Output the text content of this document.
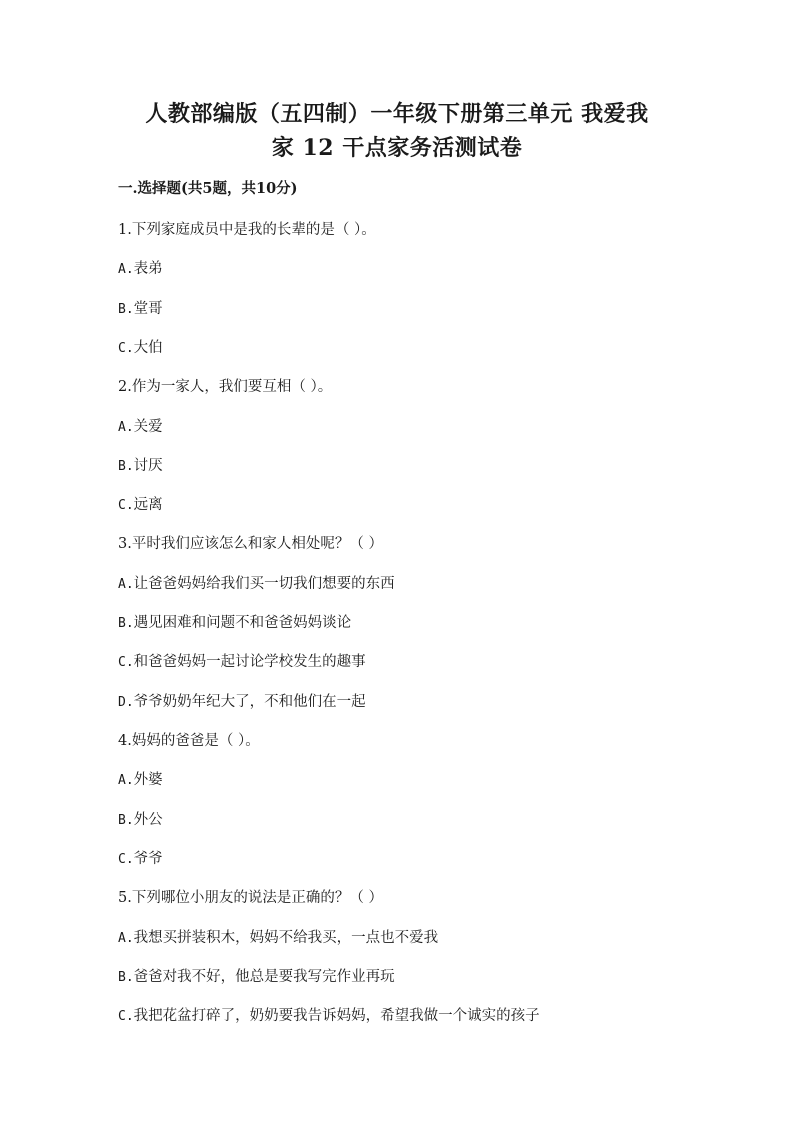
人教部编版（五四制）一年级下册第三单元 我爱我
家 12 干点家务活测试卷
一.选择题(共5题，共10分)
1.下列家庭成员中是我的长辈的是（ ）。
A.表弟
B.堂哥
C.大伯
2.作为一家人，我们要互相（ ）。
A.关爱
B.讨厌
C.远离
3.平时我们应该怎么和家人相处呢？（ ）
A.让爸爸妈妈给我们买一切我们想要的东西
B.遇见困难和问题不和爸爸妈妈谈论
C.和爸爸妈妈一起讨论学校发生的趣事
D.爷爷奶奶年纪大了，不和他们在一起
4.妈妈的爸爸是（ ）。
A.外婆
B.外公
C.爷爷
5.下列哪位小朋友的说法是正确的？（ ）
A.我想买拼装积木，妈妈不给我买，一点也不爱我
B.爸爸对我不好，他总是要我写完作业再玩
C.我把花盆打碎了，奶奶要我告诉妈妈，希望我做一个诚实的孩子
